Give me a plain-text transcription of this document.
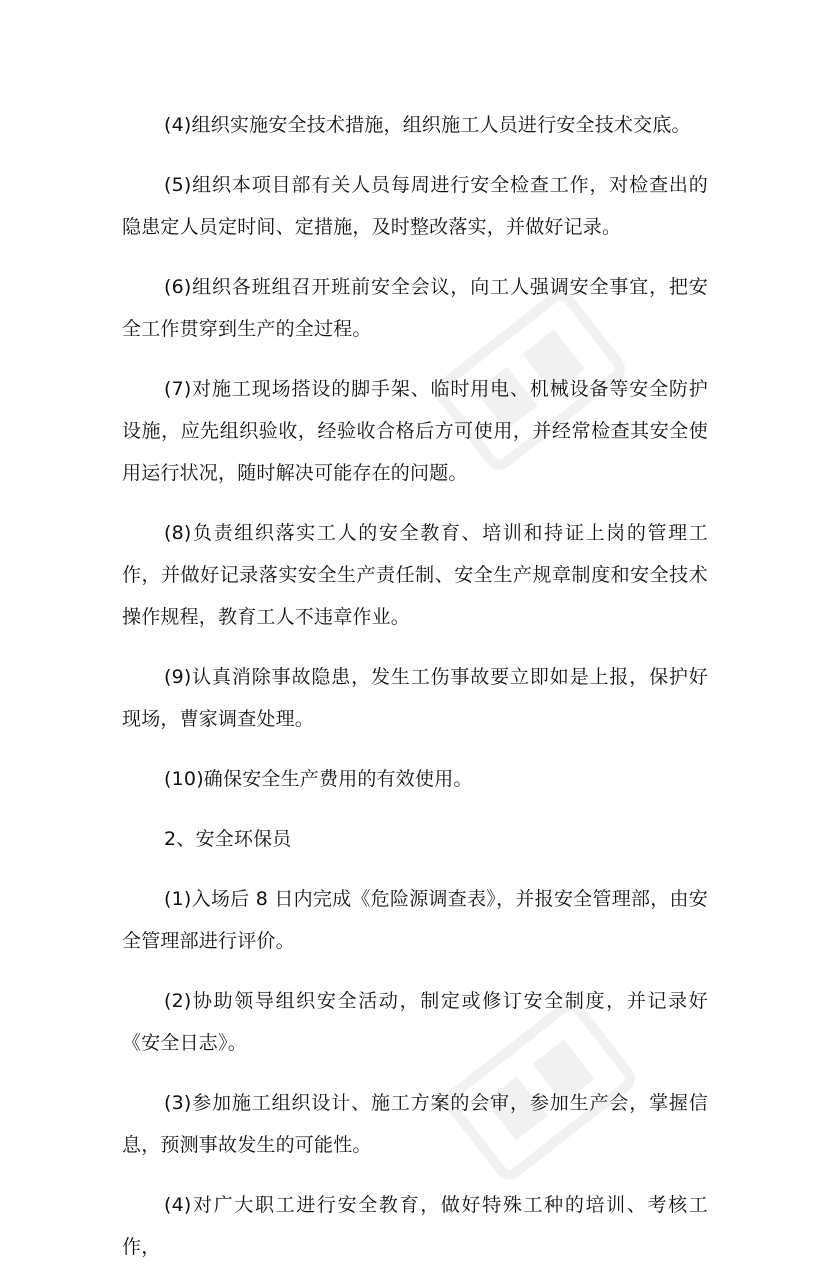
(4)组织实施安全技术措施，组织施工人员进行安全技术交底。

(5)组织本项目部有关人员每周进行安全检查工作，对检查出的隐患定人员定时间、定措施，及时整改落实，并做好记录。

(6)组织各班组召开班前安全会议，向工人强调安全事宜，把安全工作贯穿到生产的全过程。

(7)对施工现场搭设的脚手架、临时用电、机械设备等安全防护设施，应先组织验收，经验收合格后方可使用，并经常检查其安全使用运行状况，随时解决可能存在的问题。

(8)负责组织落实工人的安全教育、培训和持证上岗的管理工作，并做好记录落实安全生产责任制、安全生产规章制度和安全技术操作规程，教育工人不违章作业。

(9)认真消除事故隐患，发生工伤事故要立即如是上报，保护好现场，曹家调查处理。

(10)确保安全生产费用的有效使用。

2、安全环保员

(1)入场后 8 日内完成《危险源调查表》，并报安全管理部，由安全管理部进行评价。

(2)协助领导组织安全活动，制定或修订安全制度，并记录好《安全日志》。

(3)参加施工组织设计、施工方案的会审，参加生产会，掌握信息，预测事故发生的可能性。

(4)对广大职工进行安全教育，做好特殊工种的培训、考核工作，
